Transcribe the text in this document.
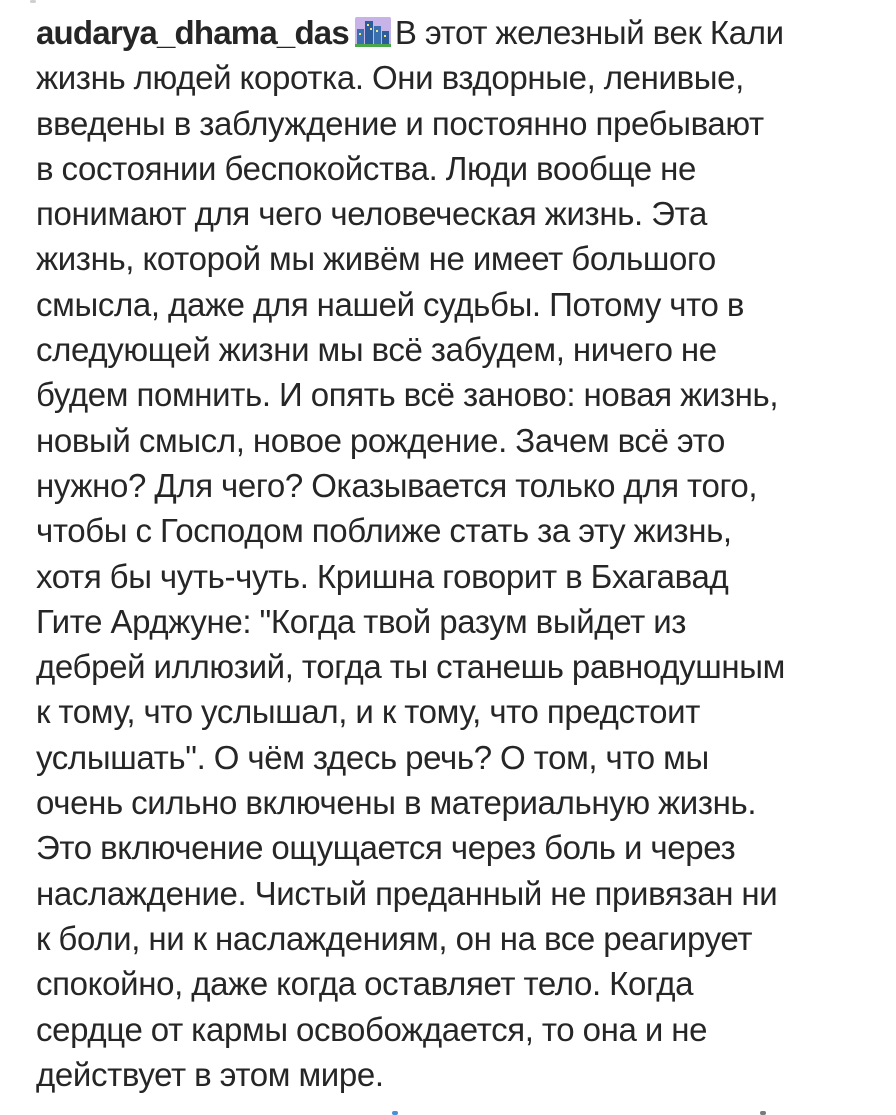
audarya_dhama_das В этот железный век Кали
жизнь людей коротка. Они вздорные, ленивые,
введены в заблуждение и постоянно пребывают
в состоянии беспокойства. Люди вообще не
понимают для чего человеческая жизнь. Эта
жизнь, которой мы живём не имеет большого
смысла, даже для нашей судьбы. Потому что в
следующей жизни мы всё забудем, ничего не
будем помнить. И опять всё заново: новая жизнь,
новый смысл, новое рождение. Зачем всё это
нужно? Для чего? Оказывается только для того,
чтобы с Господом поближе стать за эту жизнь,
хотя бы чуть-чуть. Кришна говорит в Бхагавад
Гите Арджуне: "Когда твой разум выйдет из
дебрей иллюзий, тогда ты станешь равнодушным
к тому, что услышал, и к тому, что предстоит
услышать". О чём здесь речь? О том, что мы
очень сильно включены в материальную жизнь.
Это включение ощущается через боль и через
наслаждение. Чистый преданный не привязан ни
к боли, ни к наслаждениям, он на все реагирует
спокойно, даже когда оставляет тело. Когда
сердце от кармы освобождается, то она и не
действует в этом мире.
